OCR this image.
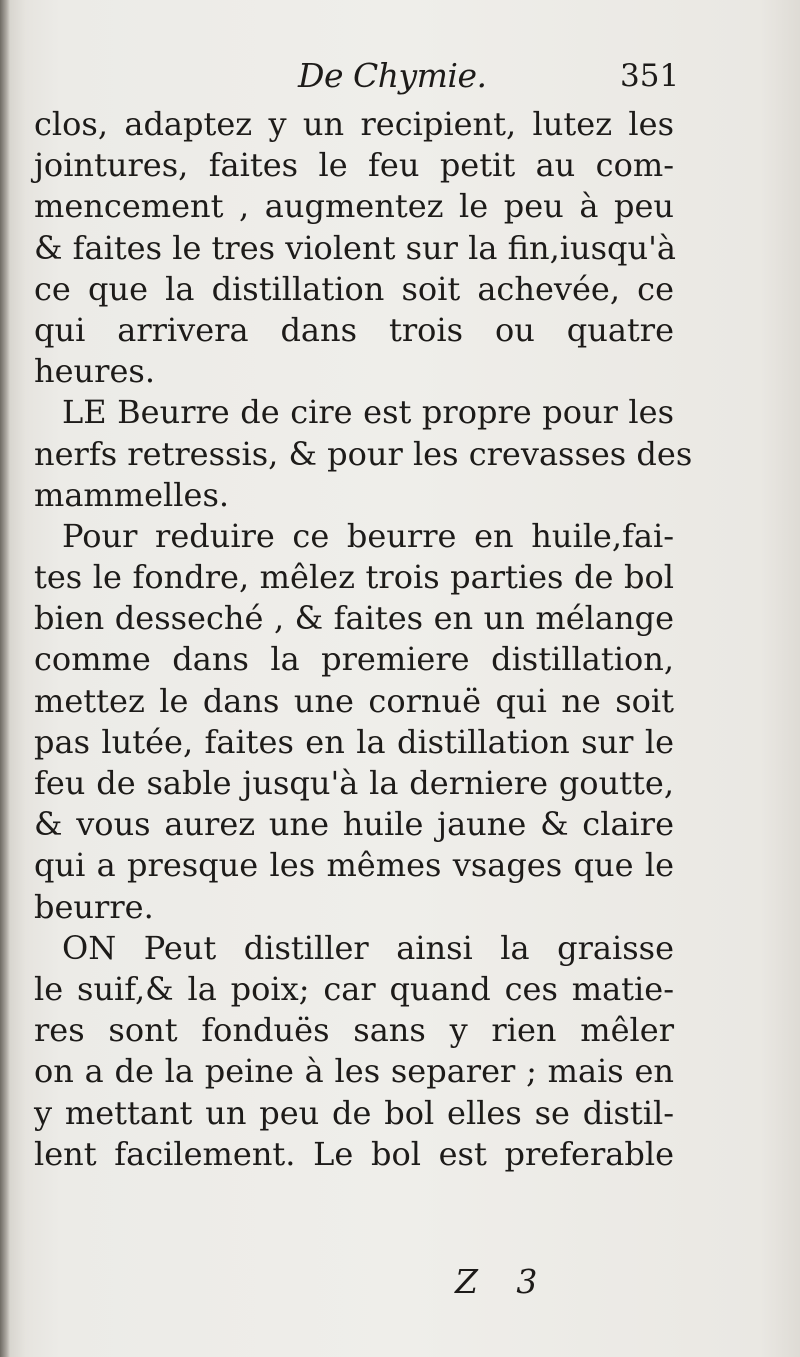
De Chymie.	351
clos, adaptez y un recipient, lutez les
jointures, faites le feu petit au com-
mencement , augmentez le peu à peu
& faites le tres violent sur la fin,iusqu'à
ce que la distillation soit achevée, ce
qui arrivera dans trois ou quatre
heures.
LE Beurre de cire est propre pour les
nerfs retressis, & pour les crevasses des
mammelles.
Pour reduire ce beurre en huile,fai-
tes le fondre, mêlez trois parties de bol
bien desseché , & faites en un mélange
comme dans la premiere distillation,
mettez le dans une cornuë qui ne soit
pas lutée, faites en la distillation sur le
feu de sable jusqu'à la derniere goutte,
& vous aurez une huile jaune & claire
qui a presque les mêmes vsages que le
beurre.
ON Peut distiller ainsi la graisse
le suif,& la poix; car quand ces matie-
res sont fonduës sans y rien mêler
on a de la peine à les separer ; mais en
y mettant un peu de bol elles se distil-
lent facilement. Le bol est preferable
Z 3
